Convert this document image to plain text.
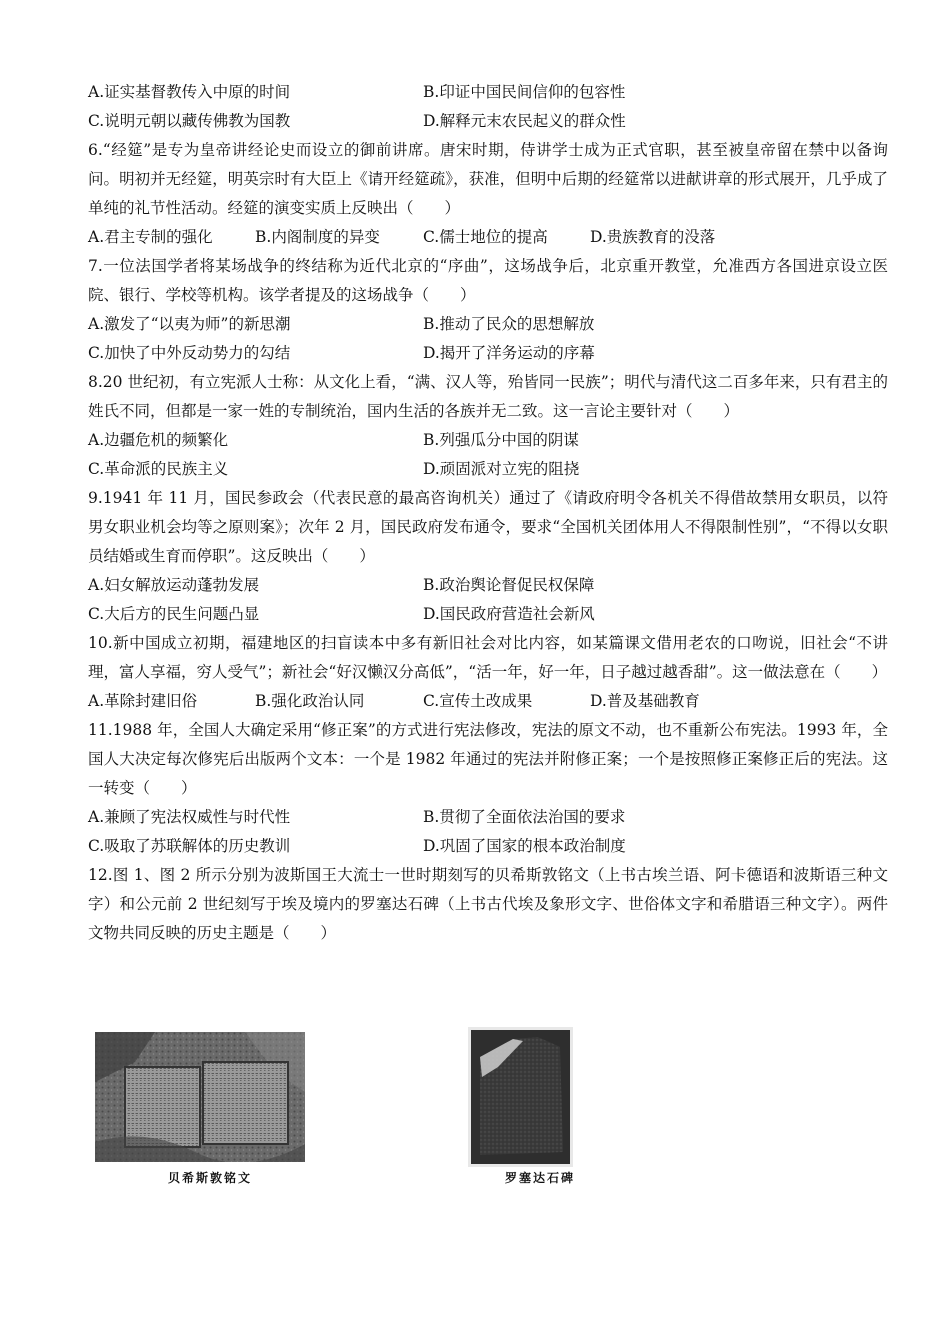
A.证实基督教传入中原的时间	B.印证中国民间信仰的包容性
C.说明元朝以藏传佛教为国教	D.解释元末农民起义的群众性
6.“经筵”是专为皇帝讲经论史而设立的御前讲席。唐宋时期，侍讲学士成为正式官职，甚至被皇帝留在禁中以备询问。明初并无经筵，明英宗时有大臣上《请开经筵疏》，获准，但明中后期的经筵常以进献讲章的形式展开，几乎成了单纯的礼节性活动。经筵的演变实质上反映出（　　）
A.君主专制的强化	B.内阁制度的异变	C.儒士地位的提高	D.贵族教育的没落
7.一位法国学者将某场战争的终结称为近代北京的“序曲”，这场战争后，北京重开教堂，允准西方各国进京设立医院、银行、学校等机构。该学者提及的这场战争（　　）
A.激发了“以夷为师”的新思潮	B.推动了民众的思想解放
C.加快了中外反动势力的勾结	D.揭开了洋务运动的序幕
8.20 世纪初，有立宪派人士称：从文化上看，“满、汉人等，殆皆同一民族”；明代与清代这二百多年来，只有君主的姓氏不同，但都是一家一姓的专制统治，国内生活的各族并无二致。这一言论主要针对（　　）
A.边疆危机的频繁化	B.列强瓜分中国的阴谋
C.革命派的民族主义	D.顽固派对立宪的阻挠
9.1941 年 11 月，国民参政会（代表民意的最高咨询机关）通过了《请政府明令各机关不得借故禁用女职员，以符男女职业机会均等之原则案》；次年 2 月，国民政府发布通令，要求“全国机关团体用人不得限制性别”，“不得以女职员结婚或生育而停职”。这反映出（　　）
A.妇女解放运动蓬勃发展	B.政治舆论督促民权保障
C.大后方的民生问题凸显	D.国民政府营造社会新风
10.新中国成立初期，福建地区的扫盲读本中多有新旧社会对比内容，如某篇课文借用老农的口吻说，旧社会“不讲理，富人享福，穷人受气”；新社会“好汉懒汉分高低”，“活一年，好一年，日子越过越香甜”。这一做法意在（　　）
A.革除封建旧俗	B.强化政治认同	C.宣传土改成果	D.普及基础教育
11.1988 年，全国人大确定采用“修正案”的方式进行宪法修改，宪法的原文不动，也不重新公布宪法。1993 年，全国人大决定每次修宪后出版两个文本：一个是 1982 年通过的宪法并附修正案；一个是按照修正案修正后的宪法。这一转变（　　）
A.兼顾了宪法权威性与时代性	B.贯彻了全面依法治国的要求
C.吸取了苏联解体的历史教训	D.巩固了国家的根本政治制度
12.图 1、图 2 所示分别为波斯国王大流士一世时期刻写的贝希斯敦铭文（上书古埃兰语、阿卡德语和波斯语三种文字）和公元前 2 世纪刻写于埃及境内的罗塞达石碑（上书古代埃及象形文字、世俗体文字和希腊语三种文字）。两件文物共同反映的历史主题是（　　）
贝希斯敦铭文	罗塞达石碑
